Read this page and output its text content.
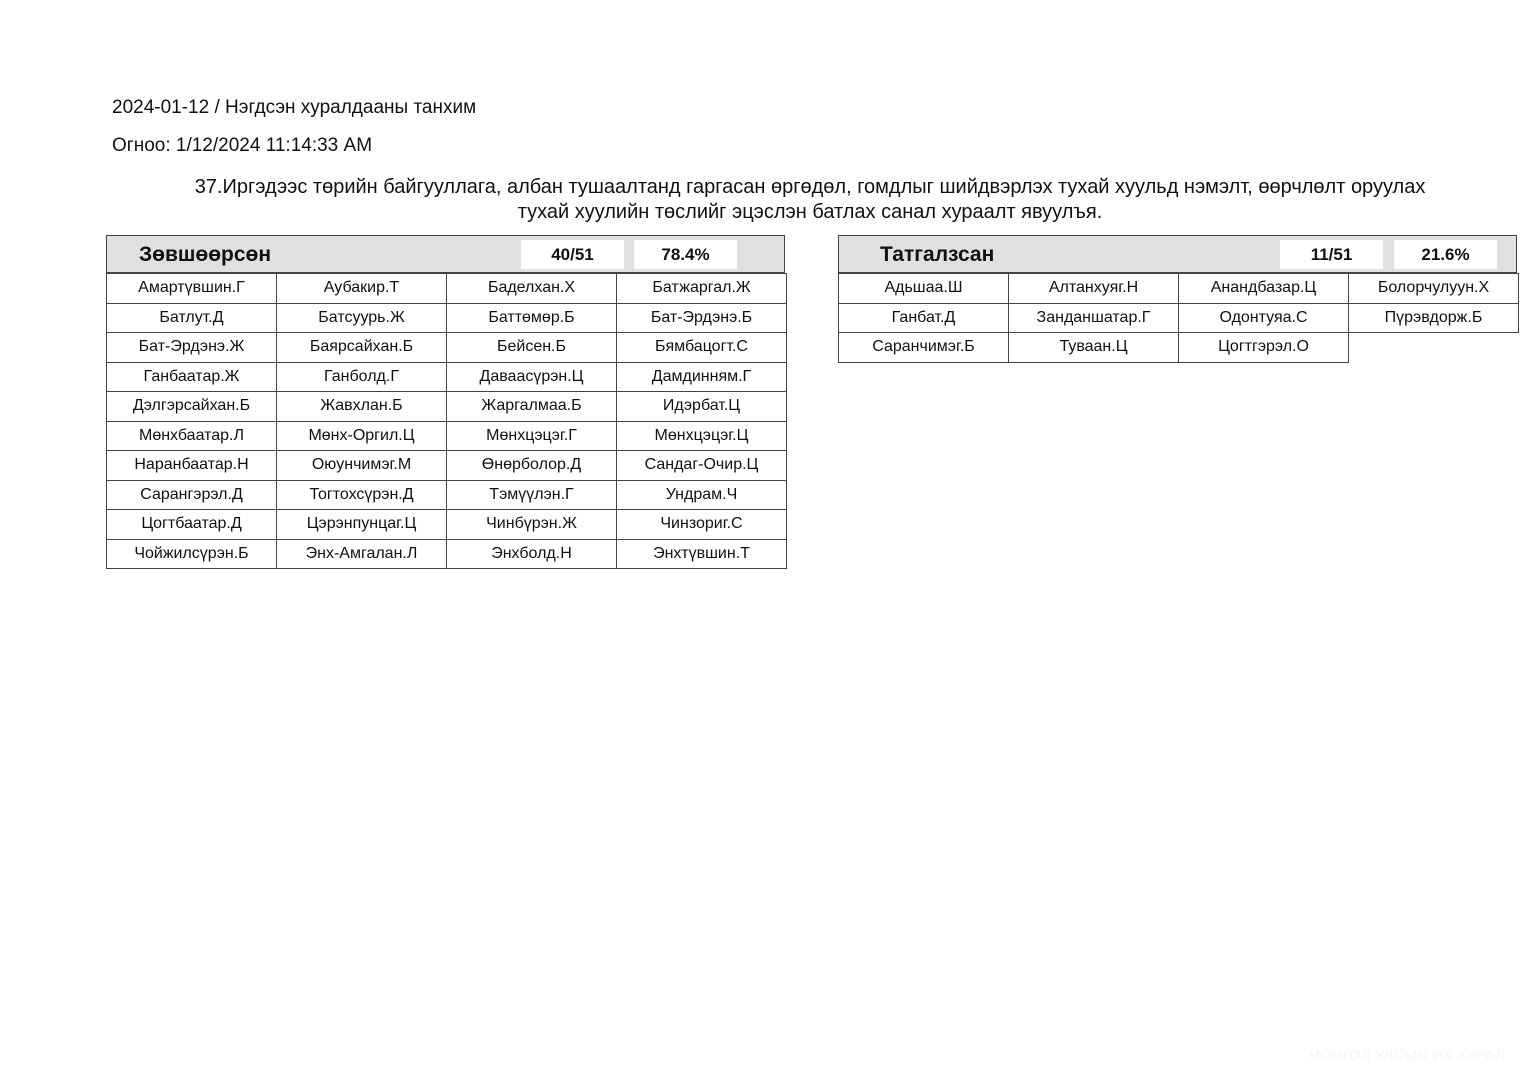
2024-01-12 / Нэгдсэн хуралдааны танхим
Огноо: 1/12/2024 11:14:33 AM
37.Иргэдээс төрийн байгууллага, албан тушаалтанд гаргасан өргөдөл, гомдлыг шийдвэрлэх тухай хуульд нэмэлт, өөрчлөлт оруулах
тухай хуулийн төслийг эцэслэн батлах санал хураалт явуулъя.
Зөвшөөрсөн	40/51	78.4%
Амартүвшин.Г	Аубакир.Т	Баделхан.Х	Батжаргал.Ж
Батлут.Д	Батсуурь.Ж	Баттөмөр.Б	Бат-Эрдэнэ.Б
Бат-Эрдэнэ.Ж	Баярсайхан.Б	Бейсен.Б	Бямбацогт.С
Ганбаатар.Ж	Ганболд.Г	Даваасүрэн.Ц	Дамдинням.Г
Дэлгэрсайхан.Б	Жавхлан.Б	Жаргалмаа.Б	Идэрбат.Ц
Мөнхбаатар.Л	Мөнх-Оргил.Ц	Мөнхцэцэг.Г	Мөнхцэцэг.Ц
Наранбаатар.Н	Оюунчимэг.М	Өнөрболор.Д	Сандаг-Очир.Ц
Сарангэрэл.Д	Тогтохсүрэн.Д	Тэмүүлэн.Г	Ундрам.Ч
Цогтбаатар.Д	Цэрэнпунцаг.Ц	Чинбүрэн.Ж	Чинзориг.С
Чойжилсүрэн.Б	Энх-Амгалан.Л	Энхболд.Н	Энхтүвшин.Т
Татгалзсан	11/51	21.6%
Адьшаа.Ш	Алтанхуяг.Н	Анандбазар.Ц	Болорчулуун.Х
Ганбат.Д	Занданшатар.Г	Одонтуяа.С	Пүрэвдорж.Б
Саранчимэг.Б	Туваан.Ц	Цогтгэрэл.О	
МОНГОЛ УЛСЫН ИХ ХУРАЛ
